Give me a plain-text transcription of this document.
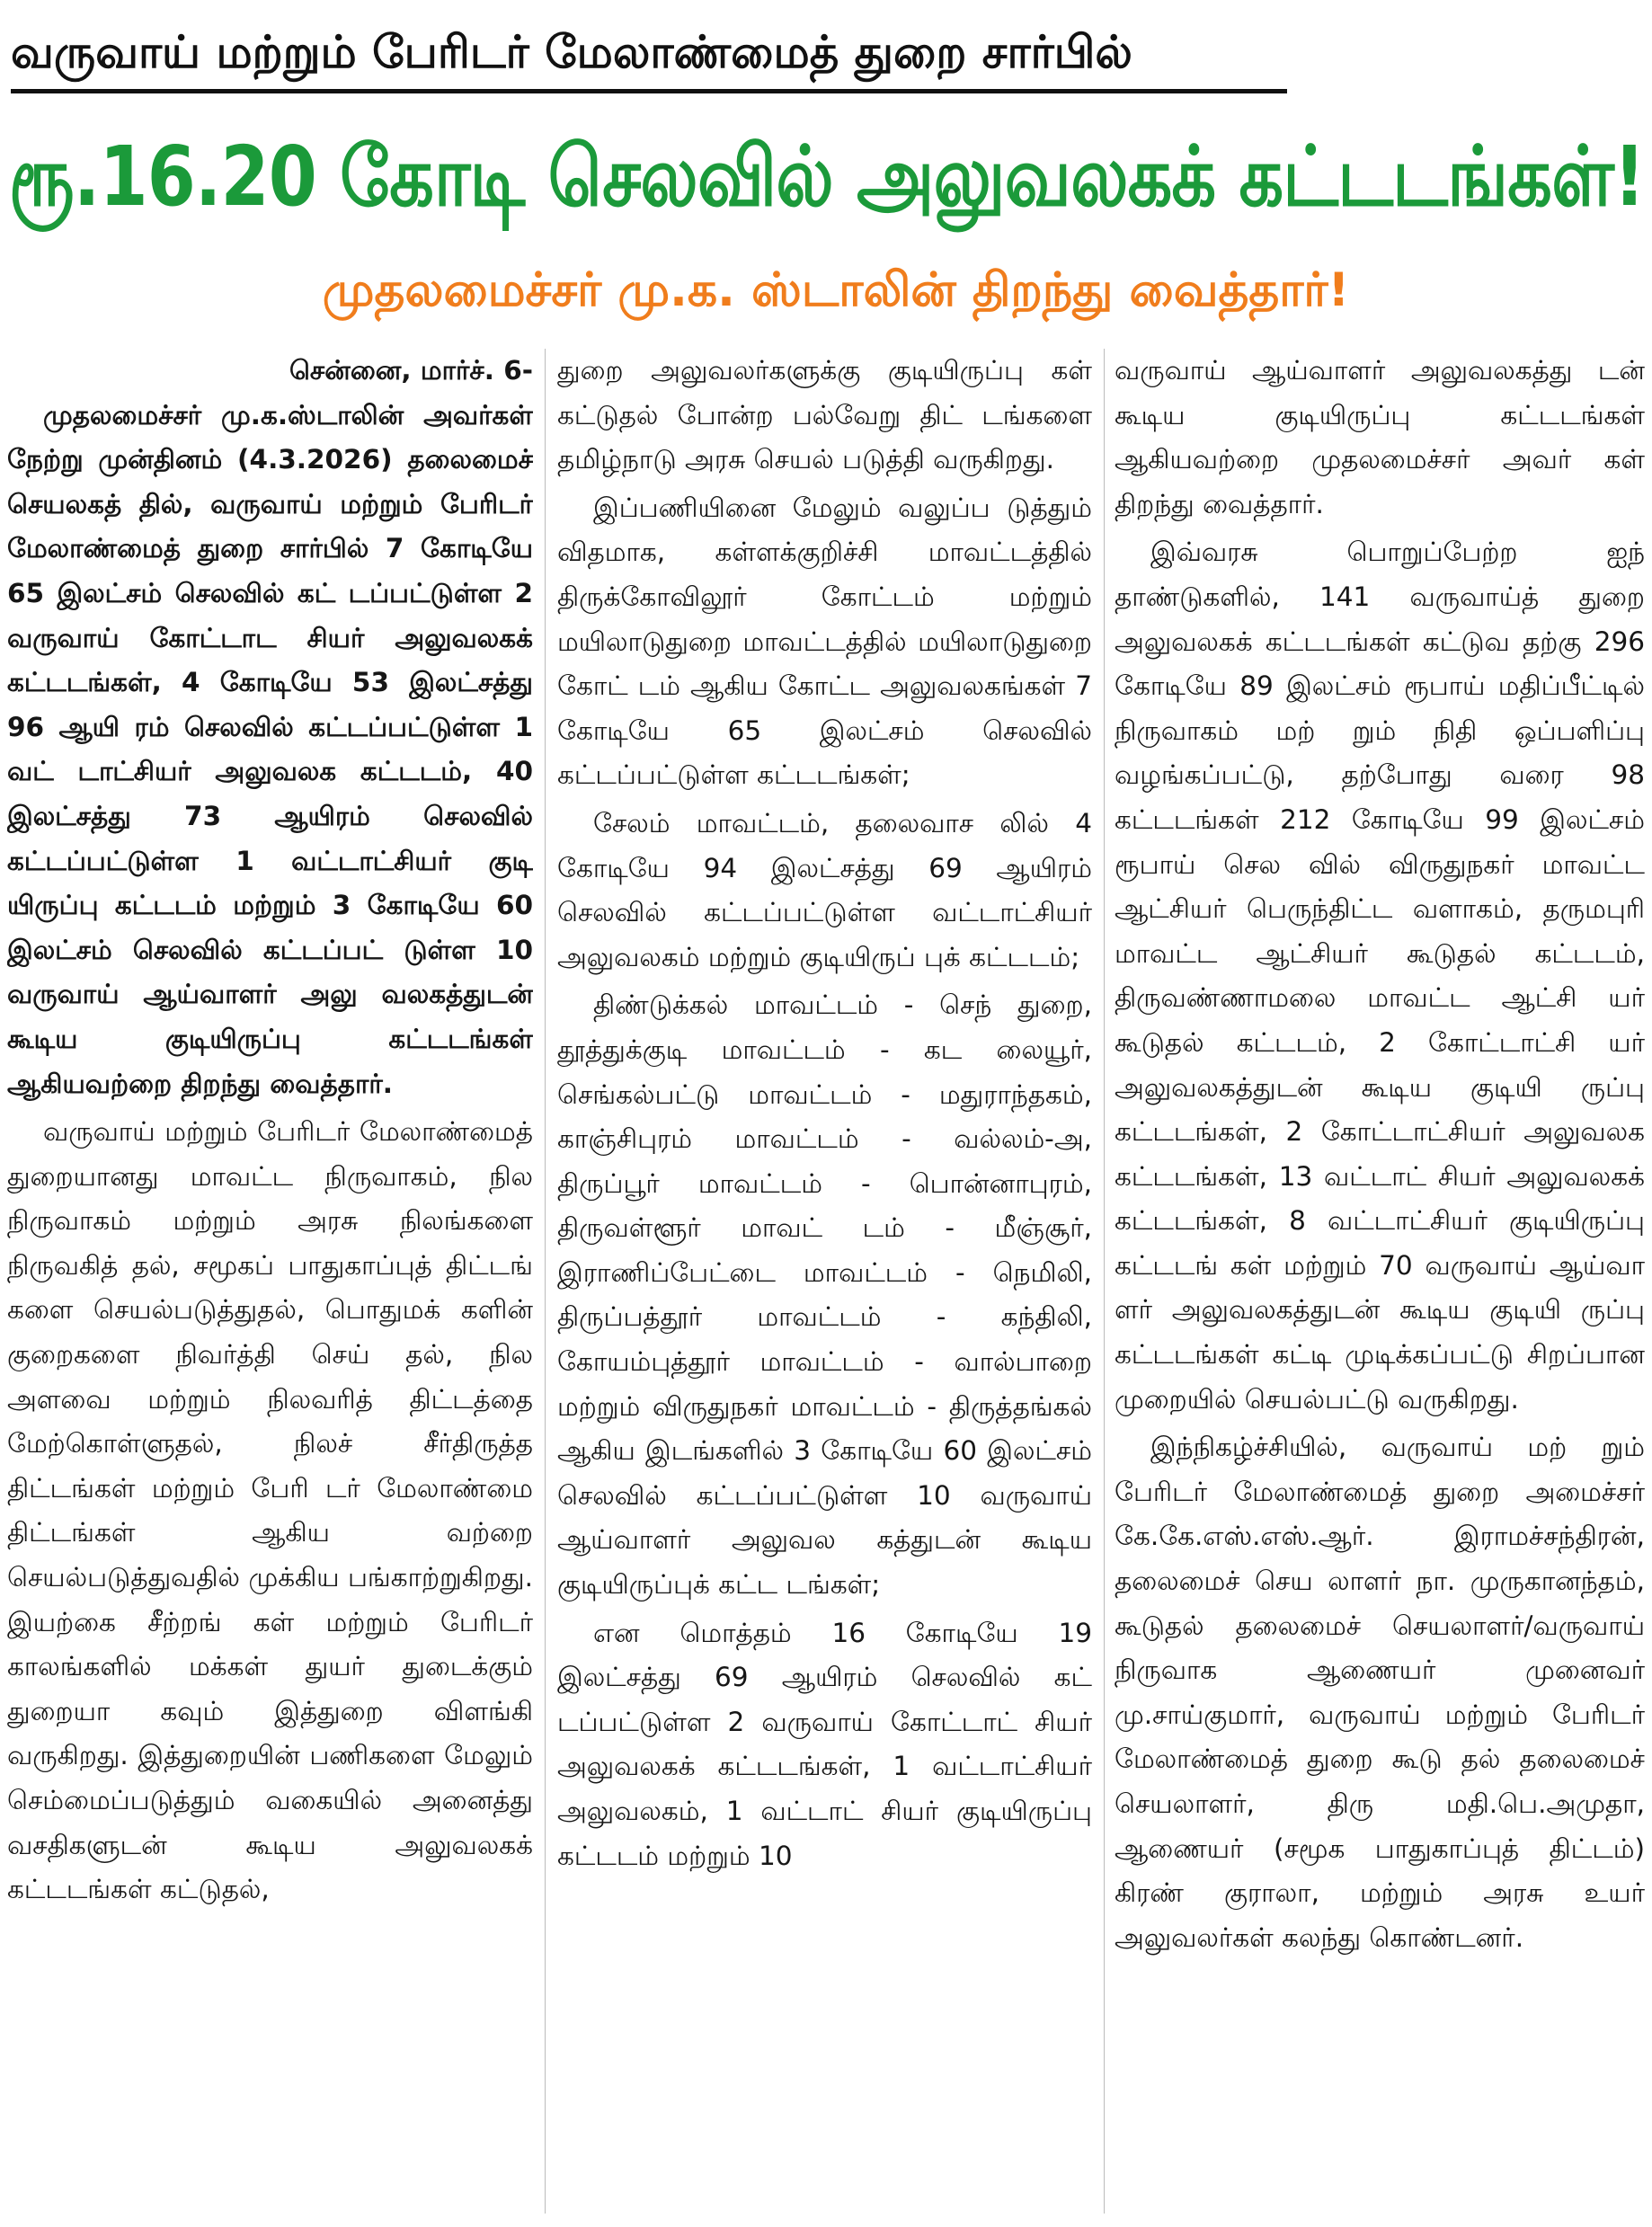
வருவாய் மற்றும் பேரிடர் மேலாண்மைத் துறை சார்பில்
ரூ.16.20 கோடி செலவில் அலுவலகக் கட்டடங்கள்!
முதலமைச்சர் மு.க. ஸ்டாலின் திறந்து வைத்தார்!
சென்னை, மார்ச். 6-

முதலமைச்சர் மு.க.ஸ்டாலின் அவர்கள் நேற்று முன்தினம் (4.3.2026) தலைமைச் செயலகத் தில், வருவாய் மற்றும் பேரிடர் மேலாண்மைத் துறை சார்பில் 7 கோடியே 65 இலட்சம் செலவில் கட் டப்பட்டுள்ள 2 வருவாய் கோட்டாட சியர் அலுவலகக் கட்டடங்கள், 4 கோடியே 53 இலட்சத்து 96 ஆயி ரம் செலவில் கட்டப்பட்டுள்ள 1 வட் டாட்சியர் அலுவலக கட்டடம், 40 இலட்சத்து 73 ஆயிரம் செலவில் கட்டப்பட்டுள்ள 1 வட்டாட்சியர் குடி யிருப்பு கட்டடம் மற்றும் 3 கோடியே 60 இலட்சம் செலவில் கட்டப்பட் டுள்ள 10 வருவாய் ஆய்வாளர் அலு வலகத்துடன் கூடிய குடியிருப்பு கட்டடங்கள் ஆகியவற்றை திறந்து வைத்தார்.

வருவாய் மற்றும் பேரிடர் மேலாண்மைத் துறையானது மாவட்ட நிருவாகம், நில நிருவாகம் மற்றும் அரசு நிலங்களை நிருவகித் தல், சமூகப் பாதுகாப்புத் திட்டங் களை செயல்படுத்துதல், பொதுமக் களின் குறைகளை நிவர்த்தி செய் தல், நில அளவை மற்றும் நிலவரித் திட்டத்தை மேற்கொள்ளுதல், நிலச் சீர்திருத்த திட்டங்கள் மற்றும் பேரி டர் மேலாண்மை திட்டங்கள் ஆகிய வற்றை செயல்படுத்துவதில் முக்கிய பங்காற்றுகிறது. இயற்கை சீற்றங் கள் மற்றும் பேரிடர் காலங்களில் மக்கள் துயர் துடைக்கும் துறையா கவும் இத்துறை விளங்கி வருகிறது. இத்துறையின் பணிகளை மேலும் செம்மைப்படுத்தும் வகையில் அனைத்து வசதிகளுடன் கூடிய அலுவலகக் கட்டடங்கள் கட்டுதல்,

துறை அலுவலர்களுக்கு குடியிருப்பு கள் கட்டுதல் போன்ற பல்வேறு திட் டங்களை தமிழ்நாடு அரசு செயல் படுத்தி வருகிறது.

இப்பணியினை மேலும் வலுப்ப டுத்தும் விதமாக, கள்ளக்குறிச்சி மாவட்டத்தில் திருக்கோவிலூர் கோட்டம் மற்றும் மயிலாடுதுறை மாவட்டத்தில் மயிலாடுதுறை கோட் டம் ஆகிய கோட்ட அலுவலகங்கள் 7 கோடியே 65 இலட்சம் செலவில் கட்டப்பட்டுள்ள கட்டடங்கள்;

சேலம் மாவட்டம், தலைவாச லில் 4 கோடியே 94 இலட்சத்து 69 ஆயிரம் செலவில் கட்டப்பட்டுள்ள வட்டாட்சியர் அலுவலகம் மற்றும் குடியிருப் புக் கட்டடம்;

திண்டுக்கல் மாவட்டம் - செந் துறை, தூத்துக்குடி மாவட்டம் - கட லையூர், செங்கல்பட்டு மாவட்டம் - மதுராந்தகம், காஞ்சிபுரம் மாவட்டம் - வல்லம்-அ, திருப்பூர் மாவட்டம் - பொன்னாபுரம், திருவள்ளூர் மாவட் டம் - மீஞ்சூர், இராணிப்பேட்டை மாவட்டம் - நெமிலி, திருப்பத்தூர் மாவட்டம் - கந்திலி, கோயம்புத்தூர் மாவட்டம் - வால்பாறை மற்றும் விருதுநகர் மாவட்டம் - திருத்தங்கல் ஆகிய இடங்களில் 3 கோடியே 60 இலட்சம் செலவில் கட்டப்பட்டுள்ள 10 வருவாய் ஆய்வாளர் அலுவல கத்துடன் கூடிய குடியிருப்புக் கட்ட டங்கள்;

என மொத்தம் 16 கோடியே 19 இலட்சத்து 69 ஆயிரம் செலவில் கட் டப்பட்டுள்ள 2 வருவாய் கோட்டாட் சியர் அலுவலகக் கட்டடங்கள், 1 வட்டாட்சியர் அலுவலகம், 1 வட்டாட் சியர் குடியிருப்பு கட்டடம் மற்றும் 10

வருவாய் ஆய்வாளர் அலுவலகத்து டன் கூடிய குடியிருப்பு கட்டடங்கள் ஆகியவற்றை முதலமைச்சர் அவர் கள் திறந்து வைத்தார்.

இவ்வரசு பொறுப்பேற்ற ஐந் தாண்டுகளில், 141 வருவாய்த் துறை அலுவலகக் கட்டடங்கள் கட்டுவ தற்கு 296 கோடியே 89 இலட்சம் ரூபாய் மதிப்பீட்டில் நிருவாகம் மற் றும் நிதி ஒப்பளிப்பு வழங்கப்பட்டு, தற்போது வரை 98 கட்டடங்கள் 212 கோடியே 99 இலட்சம் ரூபாய் செல வில் விருதுநகர் மாவட்ட ஆட்சியர் பெருந்திட்ட வளாகம், தருமபுரி மாவட்ட ஆட்சியர் கூடுதல் கட்டடம், திருவண்ணாமலை மாவட்ட ஆட்சி யர் கூடுதல் கட்டடம், 2 கோட்டாட்சி யர் அலுவலகத்துடன் கூடிய குடியி ருப்பு கட்டடங்கள், 2 கோட்டாட்சியர் அலுவலக கட்டடங்கள், 13 வட்டாட் சியர் அலுவலகக் கட்டடங்கள், 8 வட்டாட்சியர் குடியிருப்பு கட்டடங் கள் மற்றும் 70 வருவாய் ஆய்வா ளர் அலுவலகத்துடன் கூடிய குடியி ருப்பு கட்டடங்கள் கட்டி முடிக்கப்பட்டு சிறப்பான முறையில் செயல்பட்டு வருகிறது.

இந்நிகழ்ச்சியில், வருவாய் மற் றும் பேரிடர் மேலாண்மைத் துறை அமைச்சர் கே.கே.எஸ்.எஸ்.ஆர். இராமச்சந்திரன், தலைமைச் செய லாளர் நா. முருகானந்தம், கூடுதல் தலைமைச் செயலாளர்/வருவாய் நிருவாக ஆணையர் முனைவர் மு.சாய்குமார், வருவாய் மற்றும் பேரிடர் மேலாண்மைத் துறை கூடு தல் தலைமைச் செயலாளர், திரு மதி.பெ.அமுதா, ஆணையர் (சமூக பாதுகாப்புத் திட்டம்) கிரண் குராலா, மற்றும் அரசு உயர் அலுவலர்கள் கலந்து கொண்டனர்.
